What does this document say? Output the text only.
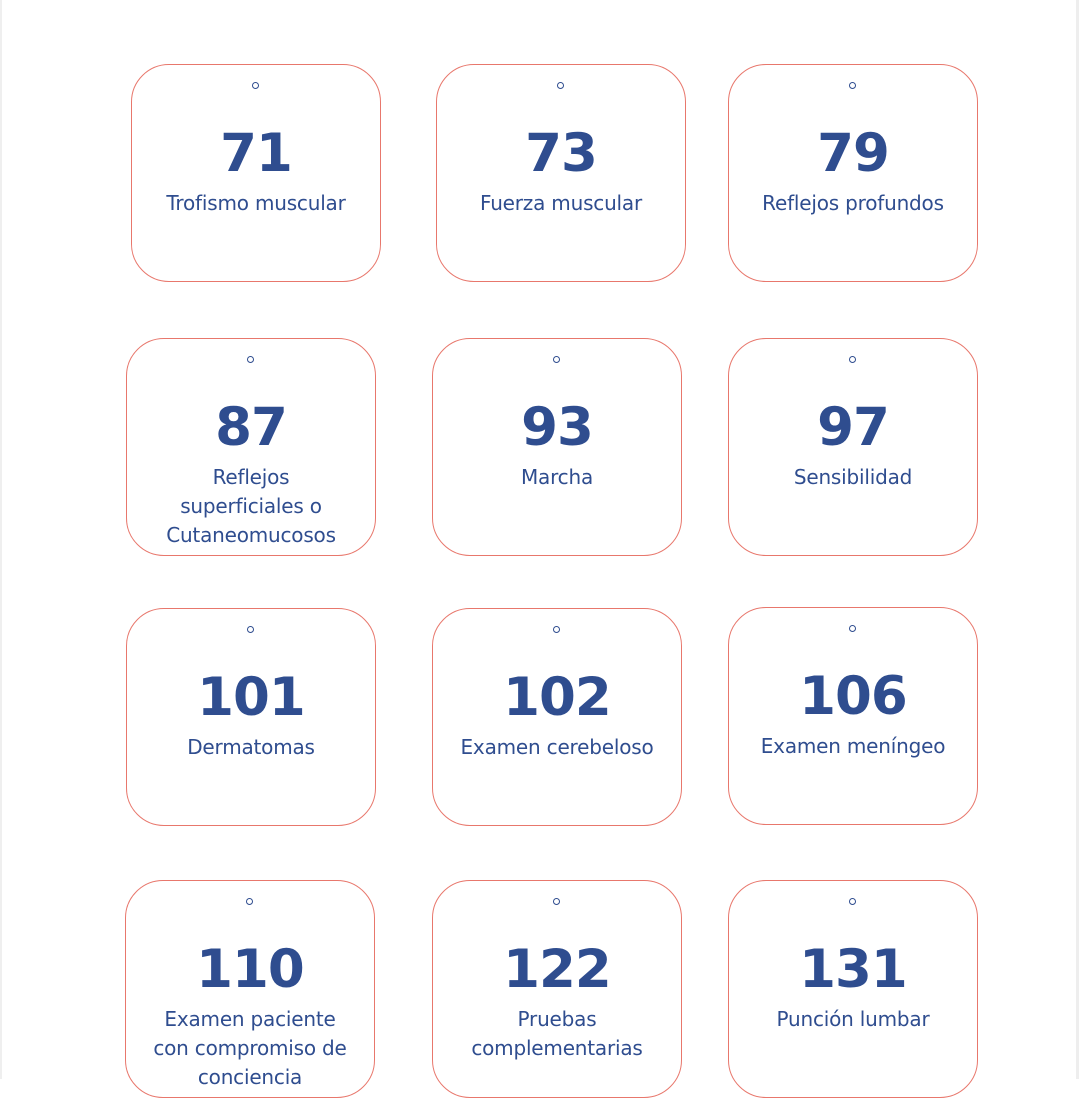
71
Trofismo muscular
73
Fuerza muscular
79
Reflejos profundos
87
Reflejos superficiales o Cutaneomucosos
93
Marcha
97
Sensibilidad
101
Dermatomas
102
Examen cerebeloso
106
Examen meníngeo
110
Examen paciente con compromiso de conciencia
122
Pruebas complementarias
131
Punción lumbar
